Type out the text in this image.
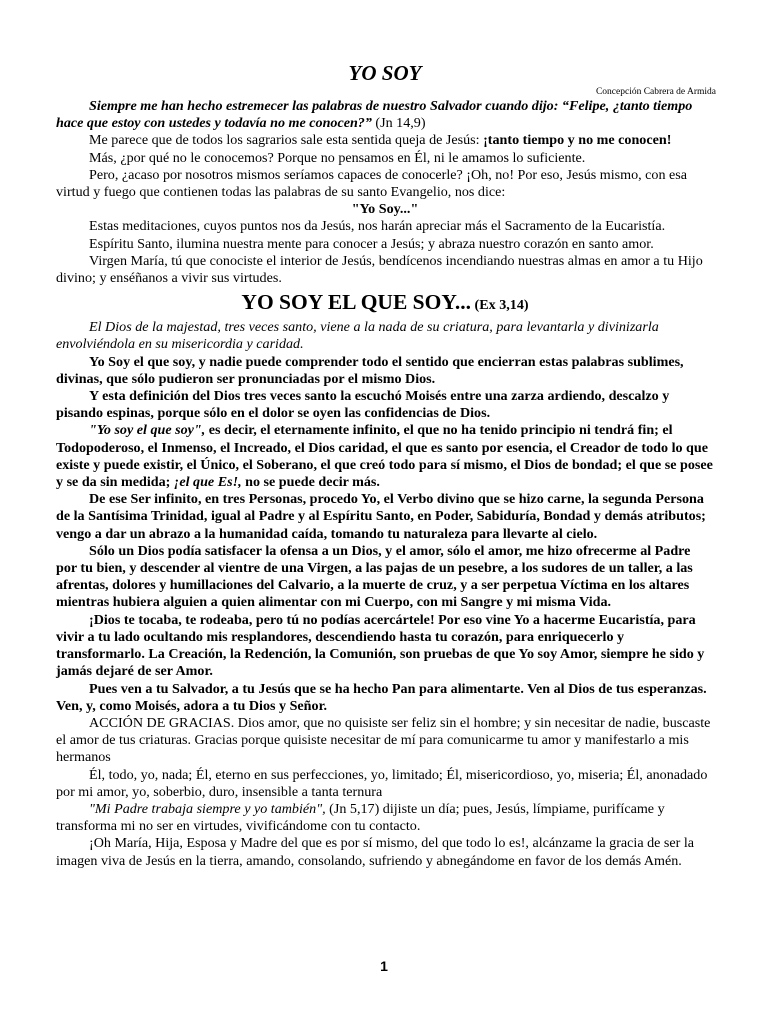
YO SOY

Concepción Cabrera de Armida

Siempre me han hecho estremecer las palabras de nuestro Salvador cuando dijo: “Felipe, ¿tanto tiempo hace que estoy con ustedes y todavía no me conocen?” (Jn 14,9)

Me parece que de todos los sagrarios sale esta sentida queja de Jesús: ¡tanto tiempo y no me conocen!

Más, ¿por qué no le conocemos? Porque no pensamos en Él, ni le amamos lo suficiente.

Pero, ¿acaso por nosotros mismos seríamos capaces de conocerle? ¡Oh, no! Por eso, Jesús mismo, con esa virtud y fuego que contienen todas las palabras de su santo Evangelio, nos dice:

"Yo Soy..."

Estas meditaciones, cuyos puntos nos da Jesús, nos harán apreciar más el Sacramento de la Eucaristía.

Espíritu Santo, ilumina nuestra mente para conocer a Jesús; y abraza nuestro corazón en santo amor.

Virgen María, tú que conociste el interior de Jesús, bendícenos incendiando nuestras almas en amor a tu Hijo divino; y enséñanos a vivir sus virtudes.

YO SOY EL QUE SOY... (Ex 3,14)

El Dios de la majestad, tres veces santo, viene a la nada de su criatura, para levantarla y divinizarla envolviéndola en su misericordia y caridad.

Yo Soy el que soy, y nadie puede comprender todo el sentido que encierran estas palabras sublimes, divinas, que sólo pudieron ser pronunciadas por el mismo Dios.

Y esta definición del Dios tres veces santo la escuchó Moisés entre una zarza ardiendo, descalzo y pisando espinas, porque sólo en el dolor se oyen las confidencias de Dios.

"Yo soy el que soy", es decir, el eternamente infinito, el que no ha tenido principio ni tendrá fin; el Todopoderoso, el Inmenso, el Increado, el Dios caridad, el que es santo por esencia, el Creador de todo lo que existe y puede existir, el Único, el Soberano, el que creó todo para sí mismo, el Dios de bondad; el que se posee y se da sin medida; ¡el que Es!, no se puede decir más.

De ese Ser infinito, en tres Personas, procedo Yo, el Verbo divino que se hizo carne, la segunda Persona de la Santísima Trinidad, igual al Padre y al Espíritu Santo, en Poder, Sabiduría, Bondad y demás atributos; vengo a dar un abrazo a la humanidad caída, tomando tu naturaleza para llevarte al cielo.

Sólo un Dios podía satisfacer la ofensa a un Dios, y el amor, sólo el amor, me hizo ofrecerme al Padre por tu bien, y descender al vientre de una Virgen, a las pajas de un pesebre, a los sudores de un taller, a las afrentas, dolores y humillaciones del Calvario, a la muerte de cruz, y a ser perpetua Víctima en los altares mientras hubiera alguien a quien alimentar con mi Cuerpo, con mi Sangre y mi misma Vida.

¡Dios te tocaba, te rodeaba, pero tú no podías acercártele! Por eso vine Yo a hacerme Eucaristía, para vivir a tu lado ocultando mis resplandores, descendiendo hasta tu corazón, para enriquecerlo y transformarlo. La Creación, la Redención, la Comunión, son pruebas de que Yo soy Amor, siempre he sido y jamás dejaré de ser Amor.

Pues ven a tu Salvador, a tu Jesús que se ha hecho Pan para alimentarte. Ven al Dios de tus esperanzas. Ven, y, como Moisés, adora a tu Dios y Señor.

ACCIÓN DE GRACIAS. Dios amor, que no quisiste ser feliz sin el hombre; y sin necesitar de nadie, buscaste el amor de tus criaturas. Gracias porque quisiste necesitar de mí para comunicarme tu amor y manifestarlo a mis hermanos

Él, todo, yo, nada; Él, eterno en sus perfecciones, yo, limitado; Él, misericordioso, yo, miseria; Él, anonadado por mi amor, yo, soberbio, duro, insensible a tanta ternura

"Mi Padre trabaja siempre y yo también", (Jn 5,17) dijiste un día; pues, Jesús, límpiame, purifícame y transforma mi no ser en virtudes, vivificándome con tu contacto.

¡Oh María, Hija, Esposa y Madre del que es por sí mismo, del que todo lo es!, alcánzame la gracia de ser la imagen viva de Jesús en la tierra, amando, consolando, sufriendo y abnegándome en favor de los demás Amén.

1
